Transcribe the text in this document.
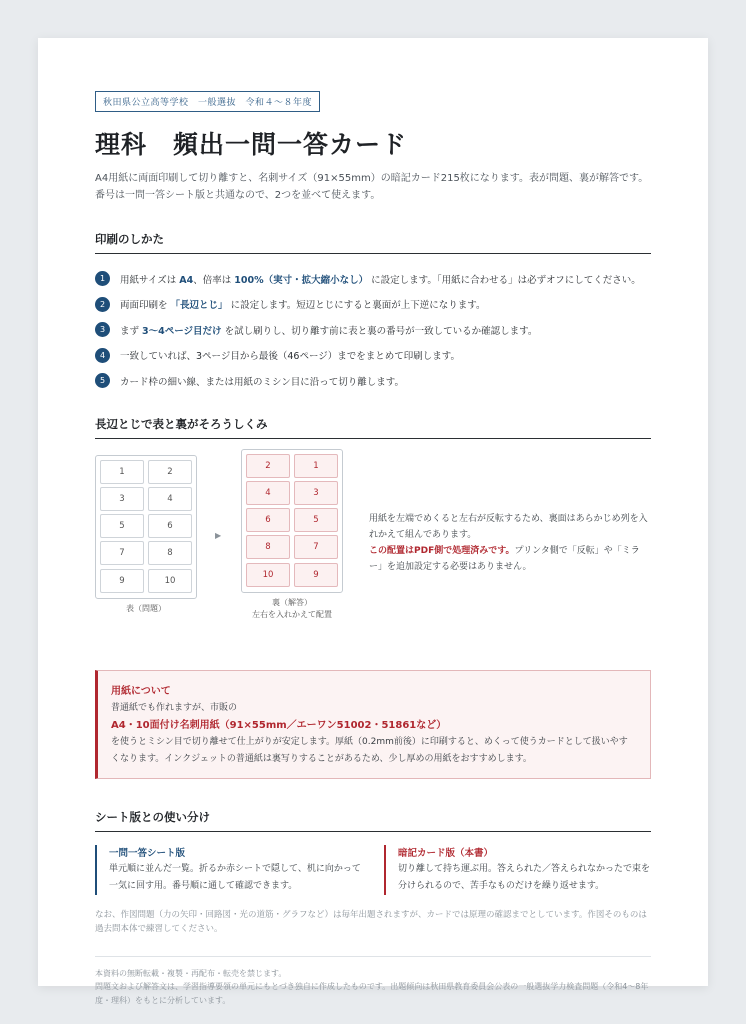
秋田県公立高等学校　一般選抜　令和４～８年度
理科　頻出一問一答カード

A4用紙に両面印刷して切り離すと、名刺サイズ（91×55mm）の暗記カード215枚になります。表が問題、裏が解答です。番号は一問一答シート版と共通なので、2つを並べて使えます。

印刷のしかた
1	用紙サイズは A4、倍率は 100%（実寸・拡大縮小なし） に設定します。「用紙に合わせる」は必ずオフにしてください。
2	両面印刷を 「長辺とじ」 に設定します。短辺とじにすると裏面が上下逆になります。
3	まず 3～4ページ目だけ を試し刷りし、切り離す前に表と裏の番号が一致しているか確認します。
4	一致していれば、3ページ目から最後（46ページ）までをまとめて印刷します。
5	カード枠の細い線、または用紙のミシン目に沿って切り離します。
長辺とじで表と裏がそろうしくみ
1	2
3	4
5	6
7	8
9	10
2	1
4	3
6	5
8	7
10	9
▶
表（問題）
裏（解答）
左右を入れかえて配置

用紙を左端でめくると左右が反転するため、裏面はあらかじめ列を入れかえて組んであります。
この配置はPDF側で処理済みです。プリンタ側で「反転」や「ミラー」を追加設定する必要はありません。

用紙について

普通紙でも作れますが、市販の

A4・10面付け名刺用紙（91×55mm／エーワン51002・51861など）

を使うとミシン目で切り離せて仕上がりが安定します。厚紙（0.2mm前後）に印刷すると、めくって使うカードとして扱いやすくなります。インクジェットの普通紙は裏写りすることがあるため、少し厚めの用紙をおすすめします。

シート版との使い分け
一問一答シート版

単元順に並んだ一覧。折るか赤シートで隠して、机に向かって一気に回す用。番号順に通して確認できます。

暗記カード版（本書）

切り離して持ち運ぶ用。答えられた／答えられなかったで束を分けられるので、苦手なものだけを繰り返せます。

なお、作図問題（力の矢印・回路図・光の道筋・グラフなど）は毎年出題されますが、カードでは原理の確認までとしています。作図そのものは過去問本体で練習してください。

本資料の無断転載・複製・再配布・転売を禁じます。
問題文および解答文は、学習指導要領の単元にもとづき独自に作成したものです。出題傾向は秋田県教育委員会公表の一般選抜学力検査問題（令和4～8年度・理科）をもとに分析しています。
